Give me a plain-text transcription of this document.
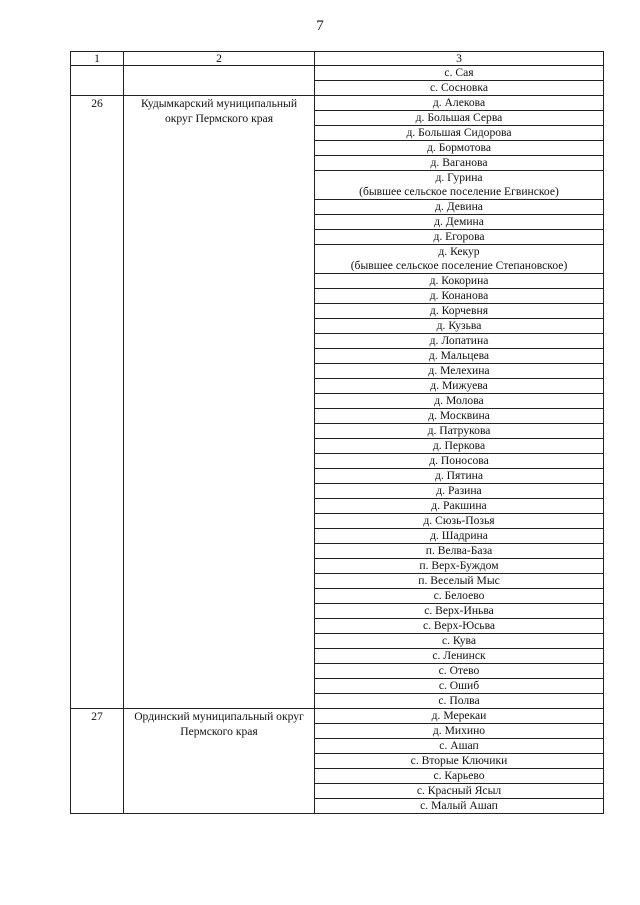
7
1	2	3
		с. Сая
		с. Сосновка
26	Кудымкарский муниципальный округ Пермского края	д. Алекова
		д. Большая Серва
		д. Большая Сидорова
		д. Бормотова
		д. Ваганова
		д. Гурина
(бывшее сельское поселение Егвинское)
		д. Девина
		д. Демина
		д. Егорова
		д. Кекур
(бывшее сельское поселение Степановское)
		д. Кокорина
		д. Конанова
		д. Корчевня
		д. Кузьва
		д. Лопатина
		д. Мальцева
		д. Мелехина
		д. Мижуева
		д. Молова
		д. Москвина
		д. Патрукова
		д. Перкова
		д. Поносова
		д. Пятина
		д. Разина
		д. Ракшина
		д. Сюзь-Позья
		д. Шадрина
		п. Велва-База
		п. Верх-Буждом
		п. Веселый Мыс
		с. Белоево
		с. Верх-Иньва
		с. Верх-Юсьва
		с. Кува
		с. Ленинск
		с. Отево
		с. Ошиб
		с. Полва
27	Ординский муниципальный округ Пермского края	д. Мерекаи
		д. Михино
		с. Ашап
		с. Вторые Ключики
		с. Карьево
		с. Красный Ясыл
		с. Малый Ашап
